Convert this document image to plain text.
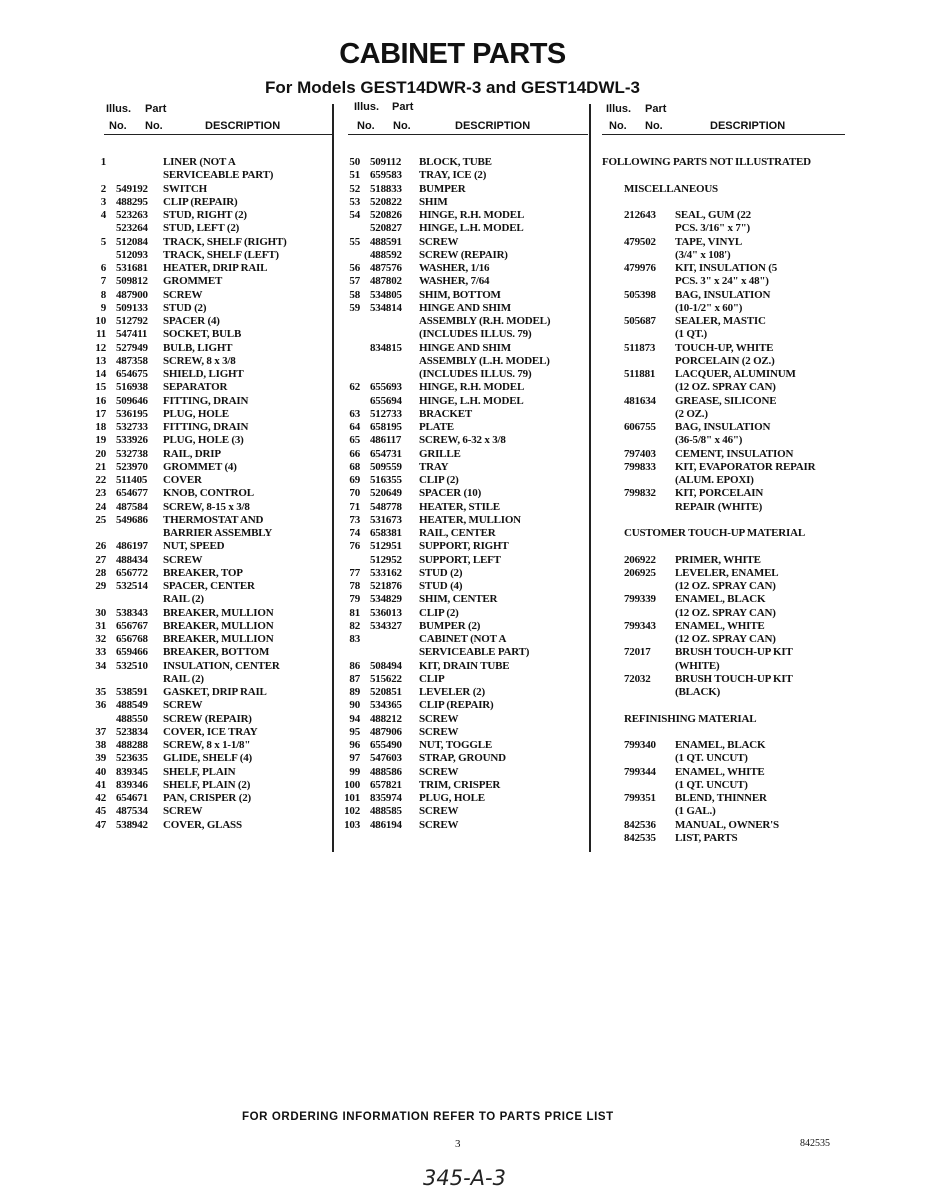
CABINET PARTS
For Models GEST14DWR-3 and GEST14DWL-3
Illus. Part
No. No.	DESCRIPTION
Illus. Part
No. No.	DESCRIPTION
Illus. Part
No. No.	DESCRIPTION
1	LINER (NOT A
SERVICEABLE PART)
2 549192	SWITCH
3 488295	CLIP (REPAIR)
4 523263	STUD, RIGHT (2)
523264	STUD, LEFT (2)
5 512084	TRACK, SHELF (RIGHT)
512093	TRACK, SHELF (LEFT)
6 531681	HEATER, DRIP RAIL
7 509812	GROMMET
8 487900	SCREW
9 509133	STUD (2)
10 512792	SPACER (4)
11 547411	SOCKET, BULB
12 527949	BULB, LIGHT
13 487358	SCREW, 8 x 3/8
14 654675	SHIELD, LIGHT
15 516938	SEPARATOR
16 509646	FITTING, DRAIN
17 536195	PLUG, HOLE
18 532733	FITTING, DRAIN
19 533926	PLUG, HOLE (3)
20 532738	RAIL, DRIP
21 523970	GROMMET (4)
22 511405	COVER
23 654677	KNOB, CONTROL
24 487584	SCREW, 8-15 x 3/8
25 549686	THERMOSTAT AND
BARRIER ASSEMBLY
26 486197	NUT, SPEED
27 488434	SCREW
28 656772	BREAKER, TOP
29 532514	SPACER, CENTER
RAIL (2)
30 538343	BREAKER, MULLION
31 656767	BREAKER, MULLION
32 656768	BREAKER, MULLION
33 659466	BREAKER, BOTTOM
34 532510	INSULATION, CENTER
RAIL (2)
35 538591	GASKET, DRIP RAIL
36 488549	SCREW
488550	SCREW (REPAIR)
37 523834	COVER, ICE TRAY
38 488288	SCREW, 8 x 1-1/8"
39 523635	GLIDE, SHELF (4)
40 839345	SHELF, PLAIN
41 839346	SHELF, PLAIN (2)
42 654671	PAN, CRISPER (2)
45 487534	SCREW
47 538942	COVER, GLASS
50 509112	BLOCK, TUBE
51 659583	TRAY, ICE (2)
52 518833	BUMPER
53 520822	SHIM
54 520826	HINGE, R.H. MODEL
520827	HINGE, L.H. MODEL
55 488591	SCREW
488592	SCREW (REPAIR)
56 487576	WASHER, 1/16
57 487802	WASHER, 7/64
58 534805	SHIM, BOTTOM
59 534814	HINGE AND SHIM
ASSEMBLY (R.H. MODEL)
(INCLUDES ILLUS. 79)
834815	HINGE AND SHIM
ASSEMBLY (L.H. MODEL)
(INCLUDES ILLUS. 79)
62 655693	HINGE, R.H. MODEL
655694	HINGE, L.H. MODEL
63 512733	BRACKET
64 658195	PLATE
65 486117	SCREW, 6-32 x 3/8
66 654731	GRILLE
68 509559	TRAY
69 516355	CLIP (2)
70 520649	SPACER (10)
71 548778	HEATER, STILE
73 531673	HEATER, MULLION
74 658381	RAIL, CENTER
76 512951	SUPPORT, RIGHT
512952	SUPPORT, LEFT
77 533162	STUD (2)
78 521876	STUD (4)
79 534829	SHIM, CENTER
81 536013	CLIP (2)
82 534327	BUMPER (2)
83	CABINET (NOT A
SERVICEABLE PART)
86 508494	KIT, DRAIN TUBE
87 515622	CLIP
89 520851	LEVELER (2)
90 534365	CLIP (REPAIR)
94 488212	SCREW
95 487906	SCREW
96 655490	NUT, TOGGLE
97 547603	STRAP, GROUND
99 488586	SCREW
100 657821	TRIM, CRISPER
101 835974	PLUG, HOLE
102 488585	SCREW
103 486194	SCREW
FOLLOWING PARTS NOT ILLUSTRATED
MISCELLANEOUS
212643	SEAL, GUM (22
PCS. 3/16" x 7")
479502	TAPE, VINYL
(3/4" x 108')
479976	KIT, INSULATION (5
PCS. 3" x 24" x 48")
505398	BAG, INSULATION
(10-1/2" x 60")
505687	SEALER, MASTIC
(1 QT.)
511873	TOUCH-UP, WHITE
PORCELAIN (2 OZ.)
511881	LACQUER, ALUMINUM
(12 OZ. SPRAY CAN)
481634	GREASE, SILICONE
(2 OZ.)
606755	BAG, INSULATION
(36-5/8" x 46")
797403	CEMENT, INSULATION
799833	KIT, EVAPORATOR REPAIR
(ALUM. EPOXI)
799832	KIT, PORCELAIN
REPAIR (WHITE)
CUSTOMER TOUCH-UP MATERIAL
206922	PRIMER, WHITE
206925	LEVELER, ENAMEL
(12 OZ. SPRAY CAN)
799339	ENAMEL, BLACK
(12 OZ. SPRAY CAN)
799343	ENAMEL, WHITE
(12 OZ. SPRAY CAN)
72017	BRUSH TOUCH-UP KIT
(WHITE)
72032	BRUSH TOUCH-UP KIT
(BLACK)
REFINISHING MATERIAL
799340	ENAMEL, BLACK
(1 QT. UNCUT)
799344	ENAMEL, WHITE
(1 QT. UNCUT)
799351	BLEND, THINNER
(1 GAL.)
842536	MANUAL, OWNER'S
842535	LIST, PARTS
FOR ORDERING INFORMATION REFER TO PARTS PRICE LIST
3	842535
345-A-3
